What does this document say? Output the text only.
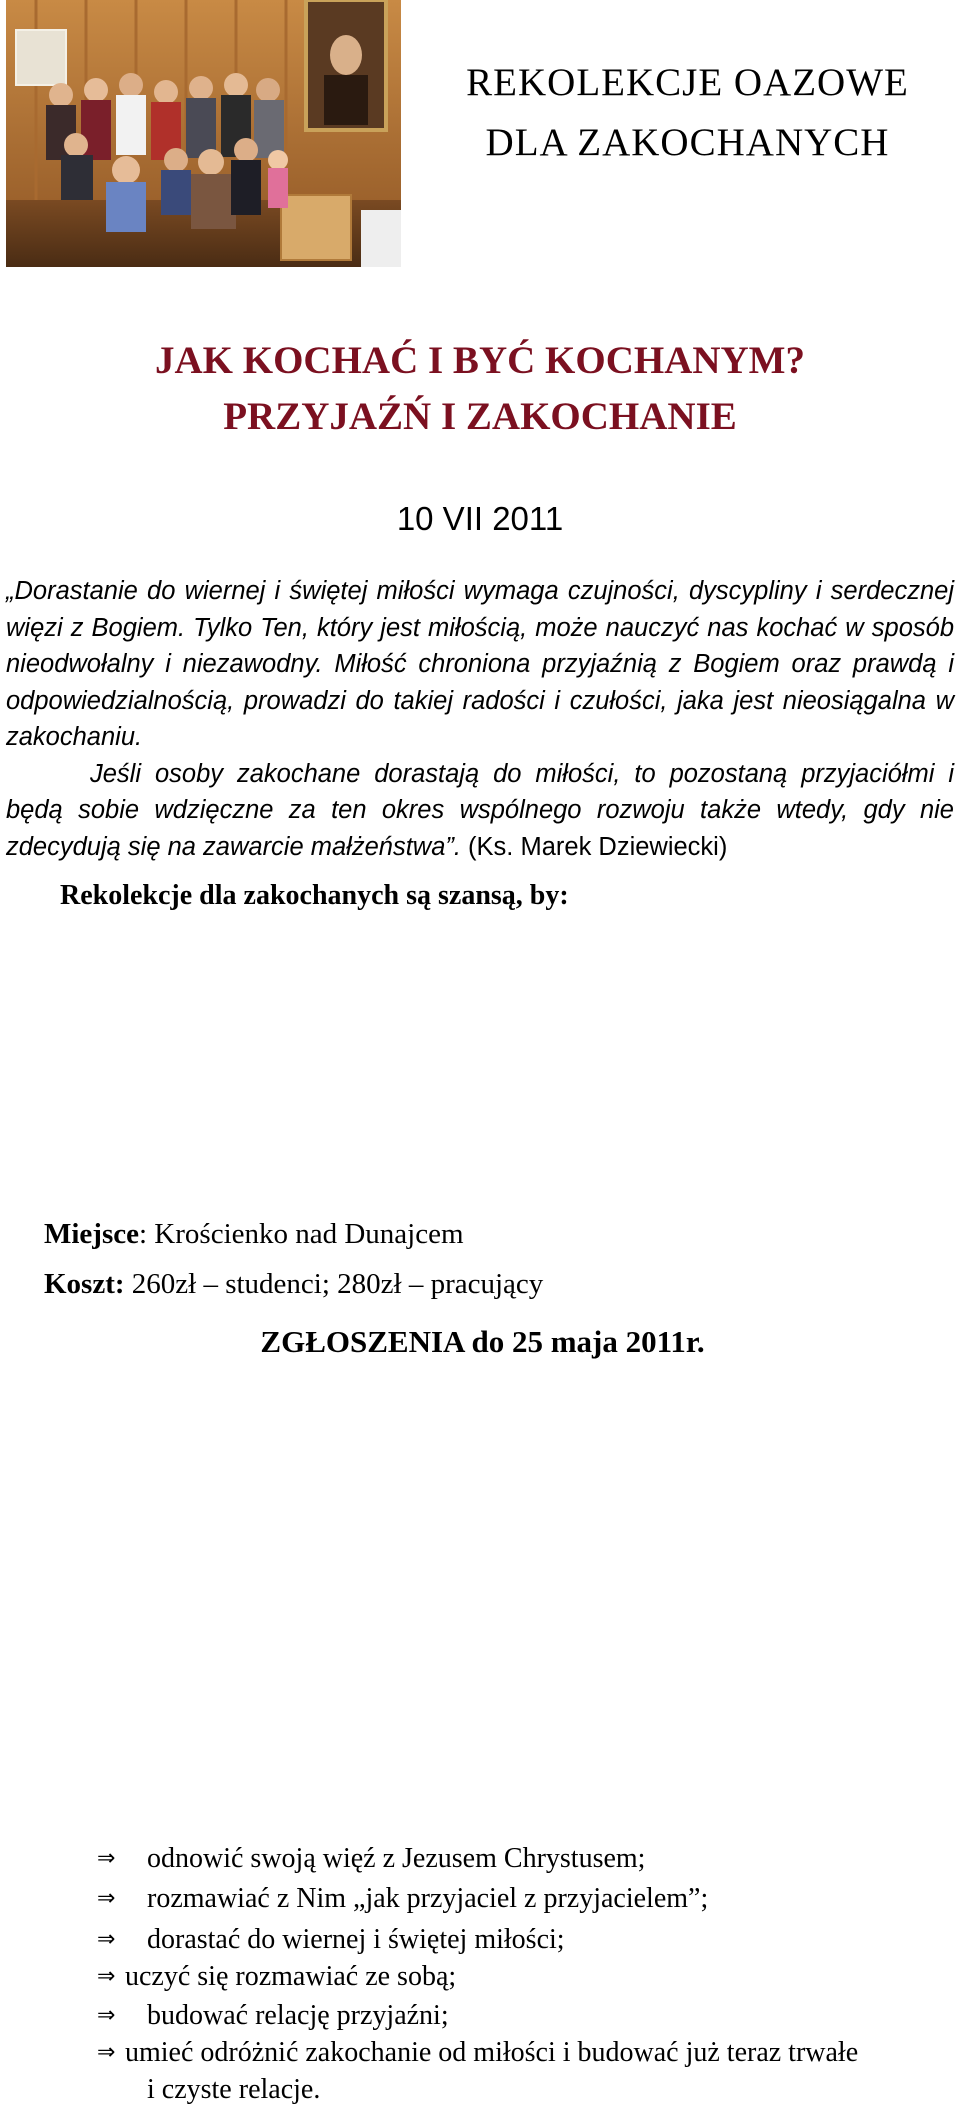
REKOLEKCJE OAZOWE
DLA ZAKOCHANYCH
JAK KOCHAĆ I BYĆ KOCHANYM?
PRZYJAŹŃ I ZAKOCHANIE

10 VII 2011

„Dorastanie do wiernej i świętej miłości wymaga czujności, dyscypliny i serdecznej więzi z Bogiem. Tylko Ten, który jest miłością, może nauczyć nas kochać w sposób nieodwołalny i niezawodny. Miłość chroniona przyjaźnią z Bogiem oraz prawdą i odpowiedzialnością, prowadzi do takiej radości i czułości, jaka jest nieosiągalna w zakochaniu.

Jeśli osoby zakochane dorastają do miłości, to pozostaną przyjaciółmi i będą sobie wdzięczne za ten okres wspólnego rozwoju także wtedy, gdy nie zdecydują się na zawarcie małżeństwa”. (Ks. Marek Dziewiecki)

Rekolekcje dla zakochanych są szansą, by:

⇒ odnowić swoją więź z Jezusem Chrystusem;
⇒ rozmawiać z Nim „jak przyjaciel z przyjacielem”;
⇒ dorastać do wiernej i świętej miłości;
⇒ uczyć się rozmawiać ze sobą;
⇒ budować relację przyjaźni;
⇒ umieć odróżnić zakochanie od miłości i budować już teraz trwałe
i czyste relacje.

Miejsce: Krościenko nad Dunajcem

Koszt: 260zł – studenci; 280zł – pracujący

ZGŁOSZENIA do 25 maja 2011r.
